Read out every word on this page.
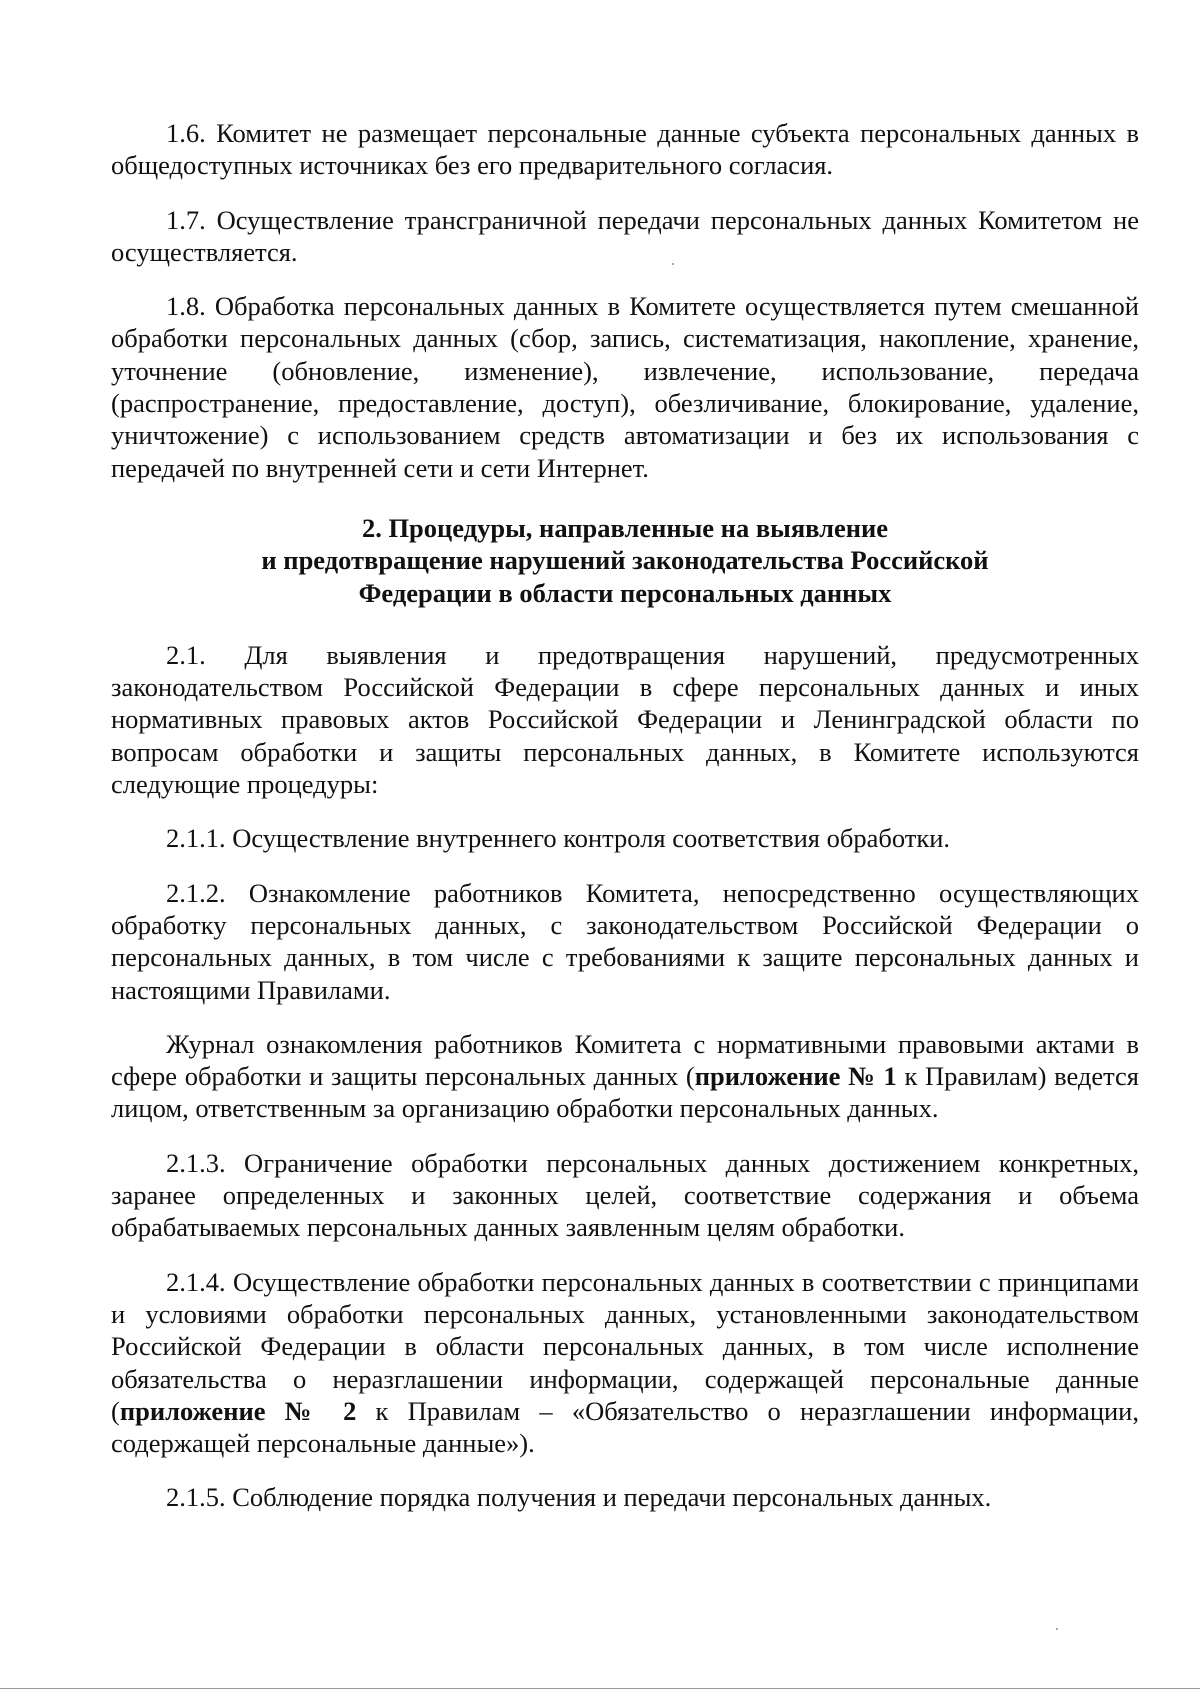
1.6. Комитет не размещает персональные данные субъекта персональных данных в общедоступных источниках без его предварительного согласия.

1.7. Осуществление трансграничной передачи персональных данных Комитетом не осуществляется.

1.8. Обработка персональных данных в Комитете осуществляется путем смешанной обработки персональных данных (сбор, запись, систематизация, накопление, хранение, уточнение (обновление, изменение), извлечение, использование, передача (распространение, предоставление, доступ), обезличивание, блокирование, удаление, уничтожение) с использованием средств автоматизации и без их использования с передачей по внутренней сети и сети Интернет.

2. Процедуры, направленные на выявление
и предотвращение нарушений законодательства Российской
Федерации в области персональных данных

2.1. Для выявления и предотвращения нарушений, предусмотренных законодательством Российской Федерации в сфере персональных данных и иных нормативных правовых актов Российской Федерации и Ленинградской области по вопросам обработки и защиты персональных данных, в Комитете используются следующие процедуры:

2.1.1. Осуществление внутреннего контроля соответствия обработки.

2.1.2. Ознакомление работников Комитета, непосредственно осуществляющих обработку персональных данных, с законодательством Российской Федерации о персональных данных, в том числе с требованиями к защите персональных данных и настоящими Правилами.

Журнал ознакомления работников Комитета с нормативными правовыми актами в сфере обработки и защиты персональных данных (приложение № 1 к Правилам) ведется лицом, ответственным за организацию обработки персональных данных.

2.1.3. Ограничение обработки персональных данных достижением конкретных, заранее определенных и законных целей, соответствие содержания и объема обрабатываемых персональных данных заявленным целям обработки.

2.1.4. Осуществление обработки персональных данных в соответствии с принципами и условиями обработки персональных данных, установленными законодательством Российской Федерации в области персональных данных, в том числе исполнение обязательства о неразглашении информации, содержащей персональные данные (приложение № 2 к Правилам – «Обязательство о неразглашении информации, содержащей персональные данные»).

2.1.5. Соблюдение порядка получения и передачи персональных данных.
